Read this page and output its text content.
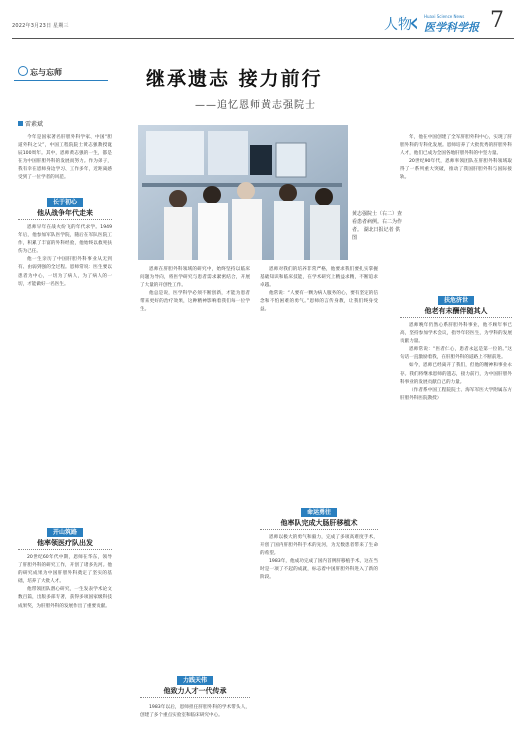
2022年3月23日 星期三	人物
‹ Huaxi Science News
医学科学报 7
忘与忘师	继承遗志 接力前行
——追忆恩师黄志强院士
雷素斌
黄志强院士（右二）查看患者病例。右二为作者。 湖北日报记者 供图

今年是国家著名肝胆外科学家、中国“胆道外科之父”，中国工程院院士黄志强教授诞辰100周年。其中，恩师黄志强的一生，都是在为中国肝胆外科的发展而努力。作为弟子，我有幸在恩师身边学习、工作多年，近距离感受到了一位学者的风范。

长于初心
他从战争年代走来

恩师早年在战火纷飞的年代求学。1949年后，他参加军队医学院，随后在军队医院工作，积累了丰富的外科经验，他始终以救死扶伤为己任。

他一生亲历了中国肝胆外科事业从无到有、由弱到强的全过程。恩师常说：医生要以患者为中心，一切为了病人，为了病人的一切，才能做好一名医生。

开山筑路
他率领医疗队出发

20世纪60年代中期，恩师在华东，领导了肝胆外科的研究工作，开创了诸多先河。他的研究成果为中国肝胆外科奠定了坚实的基础，培养了大批人才。

他带领团队潜心研究，一生发表学术论文数百篇，出版多部专著，获得多项国家级科技成果奖，为肝胆外科的发展作出了重要贡献。

恩师在肝胆外科领域的研究中，始终坚持以临床问题为导向，将医学研究与患者需求紧密结合，开展了大量的开创性工作。

他总是说，医学科学必须不断创新，才能为患者带来更好的治疗效果，这种精神影响着我们每一位学生。

力践天伟
他致力人才一代传承

1983年以后，恩师担任肝胆外科的学术带头人，创建了多个重点实验室和临床研究中心。

恩师对我们的培养非常严格，他要求我们要扎实掌握基础知识和临床技能，在学术研究上精益求精，不断追求卓越。

他常说：“人要有一颗为病人服务的心，要有坚定的信念和不怕困难的勇气。”恩师的言传身教，让我们终身受益。

命运勇往
他率队完成大肠肝移植术

恩师以极大的勇气和毅力，完成了多项高难度手术，开创了国内肝胆外科手术的先河，为无数患者带来了生命的希望。

1983年，他成功完成了国内首例肝移植手术，这在当时是一项了不起的成就，标志着中国肝胆外科进入了新的阶段。

年，他在中国创建了全军肝胆外科中心，实现了肝胆外科的专科化发展。恩师培养了大批优秀的肝胆外科人才，他们已成为全国各地肝胆外科的中坚力量。

20世纪90年代，恩师率领团队在肝胆外科领域取得了一系列重大突破，推动了我国肝胆外科与国际接轨。

扶危济世
他老有未酬伴随其人

恩师晚年仍然心系肝胆外科事业，他不顾年事已高，坚持参加学术会议，指导年轻医生，为学科的发展贡献力量。

恩师常说：“医者仁心，患者永远是第一位的。”这句话一直激励着我，在肝胆外科的道路上不断前进。

如今，恩师已经离开了我们，但他的精神和事业永存。我们将继承恩师的遗志，接力前行，为中国肝胆外科事业的发展贡献自己的力量。

（作者系中国工程院院士、海军军医大学附属东方肝胆外科医院教授）
